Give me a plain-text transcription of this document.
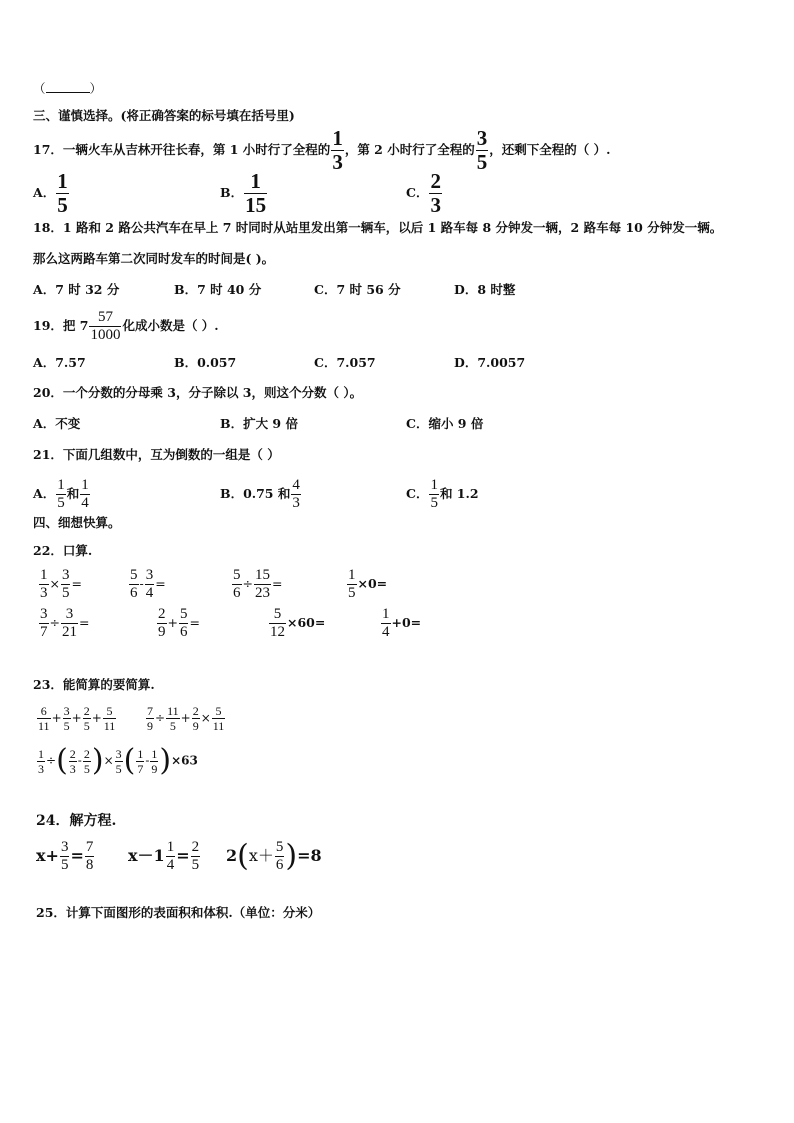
（	）
三、谨慎选择。(将正确答案的标号填在括号里)
17．一辆火车从吉林开往长春，第 1 小时行了全程的 $\frac{1}{3}$ ，第 2 小时行了全程的 $\frac{3}{5}$ ，还剩下全程的（ ）.
A． $\frac{1}{5}$	B． $\frac{1}{15}$	C． $\frac{2}{3}$
18．1 路和 2 路公共汽车在早上 7 时同时从站里发出第一辆车，以后 1 路车每 8 分钟发一辆，2 路车每 10 分钟发一辆。
那么这两路车第二次同时发车的时间是( )。
A．7 时 32 分	B．7 时 40 分	C．7 时 56 分	D．8 时整
19．把 $7 \frac{57}{1000}$ 化成小数是（ ）.
A．7.57	B．0.057	C．7.057	D．7.0057
20．一个分数的分母乘 3，分子除以 3，则这个分数（ ）。
A．不变	B．扩大 9 倍	C．缩小 9 倍
21．下面几组数中，互为倒数的一组是（ ）
A． $\frac{1}{5}$ 和 $\frac{1}{4}$	B．0.75 和 $\frac{4}{3}$	C． $\frac{1}{5}$ 和 1.2
四、细想快算。
22．口算.
$\frac{1}{3} \times \frac{3}{5}$ =	$\frac{5}{6} - \frac{3}{4}$ =	$\frac{5}{6} \div \frac{15}{23}$ =	$\frac{1}{5} \times 0=$
$\frac{3}{7} \div \frac{3}{21}$ =	$\frac{2}{9} + \frac{5}{6}$ =	$\frac{5}{12} \times 60=$	$\frac{1}{4} +0=$
23．能简算的要简算.
$\frac{6}{11} + \frac{3}{5} + \frac{2}{5} + \frac{5}{11} \frac{7}{9} \div \frac{11}{5} + \frac{2}{9} \times \frac{5}{11}$
$\frac{1}{3}$ ÷( $\frac{2}{3} - \frac{2}{5}$ )× $\frac{3}{5}$ ( $\frac{1}{7} - \frac{1}{9} )\times 63$
24．解方程.
$x+ \frac{3}{5} = \frac{7}{8} x-1 \frac{1}{4} = \frac{2}{5} 2(x+ \frac{5}{6} )=8$
25．计算下面图形的表面积和体积.（单位：分米）
